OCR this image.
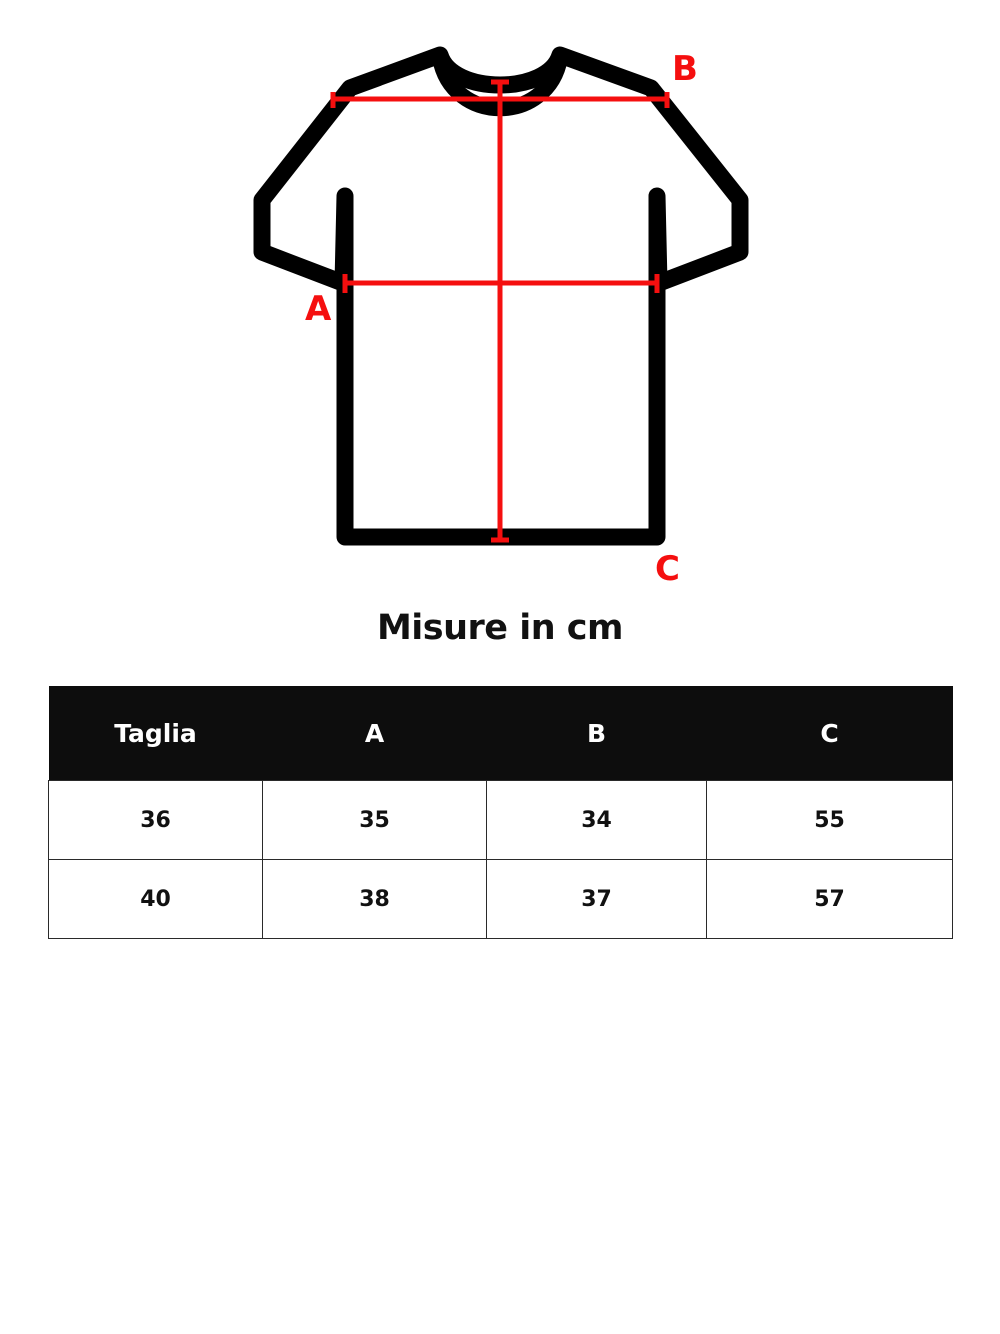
B
A
C
Misure in cm
Taglia	A	B	C
36	35	34	55
40	38	37	57
